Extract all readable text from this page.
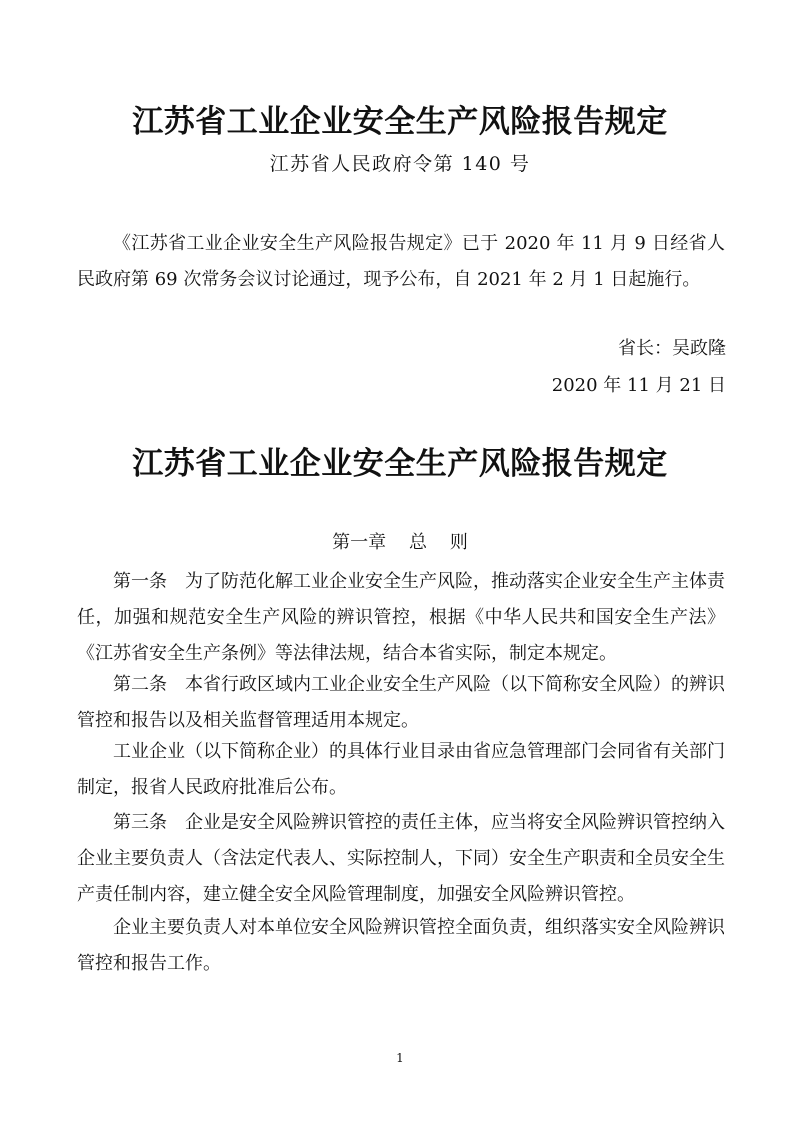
江苏省工业企业安全生产风险报告规定
江苏省人民政府令第 140 号

《江苏省工业企业安全生产风险报告规定》已于 2020 年 11 月 9 日经省人民政府第 69 次常务会议讨论通过，现予公布，自 2021 年 2 月 1 日起施行。

省长：吴政隆
2020 年 11 月 21 日
江苏省工业企业安全生产风险报告规定
第一章    总    则

第一条 为了防范化解工业企业安全生产风险，推动落实企业安全生产主体责任，加强和规范安全生产风险的辨识管控，根据《中华人民共和国安全生产法》《江苏省安全生产条例》等法律法规，结合本省实际，制定本规定。

第二条 本省行政区域内工业企业安全生产风险（以下简称安全风险）的辨识管控和报告以及相关监督管理适用本规定。

工业企业（以下简称企业）的具体行业目录由省应急管理部门会同省有关部门制定，报省人民政府批准后公布。

第三条 企业是安全风险辨识管控的责任主体，应当将安全风险辨识管控纳入企业主要负责人（含法定代表人、实际控制人，下同）安全生产职责和全员安全生产责任制内容，建立健全安全风险管理制度，加强安全风险辨识管控。

企业主要负责人对本单位安全风险辨识管控全面负责，组织落实安全风险辨识管控和报告工作。

1
